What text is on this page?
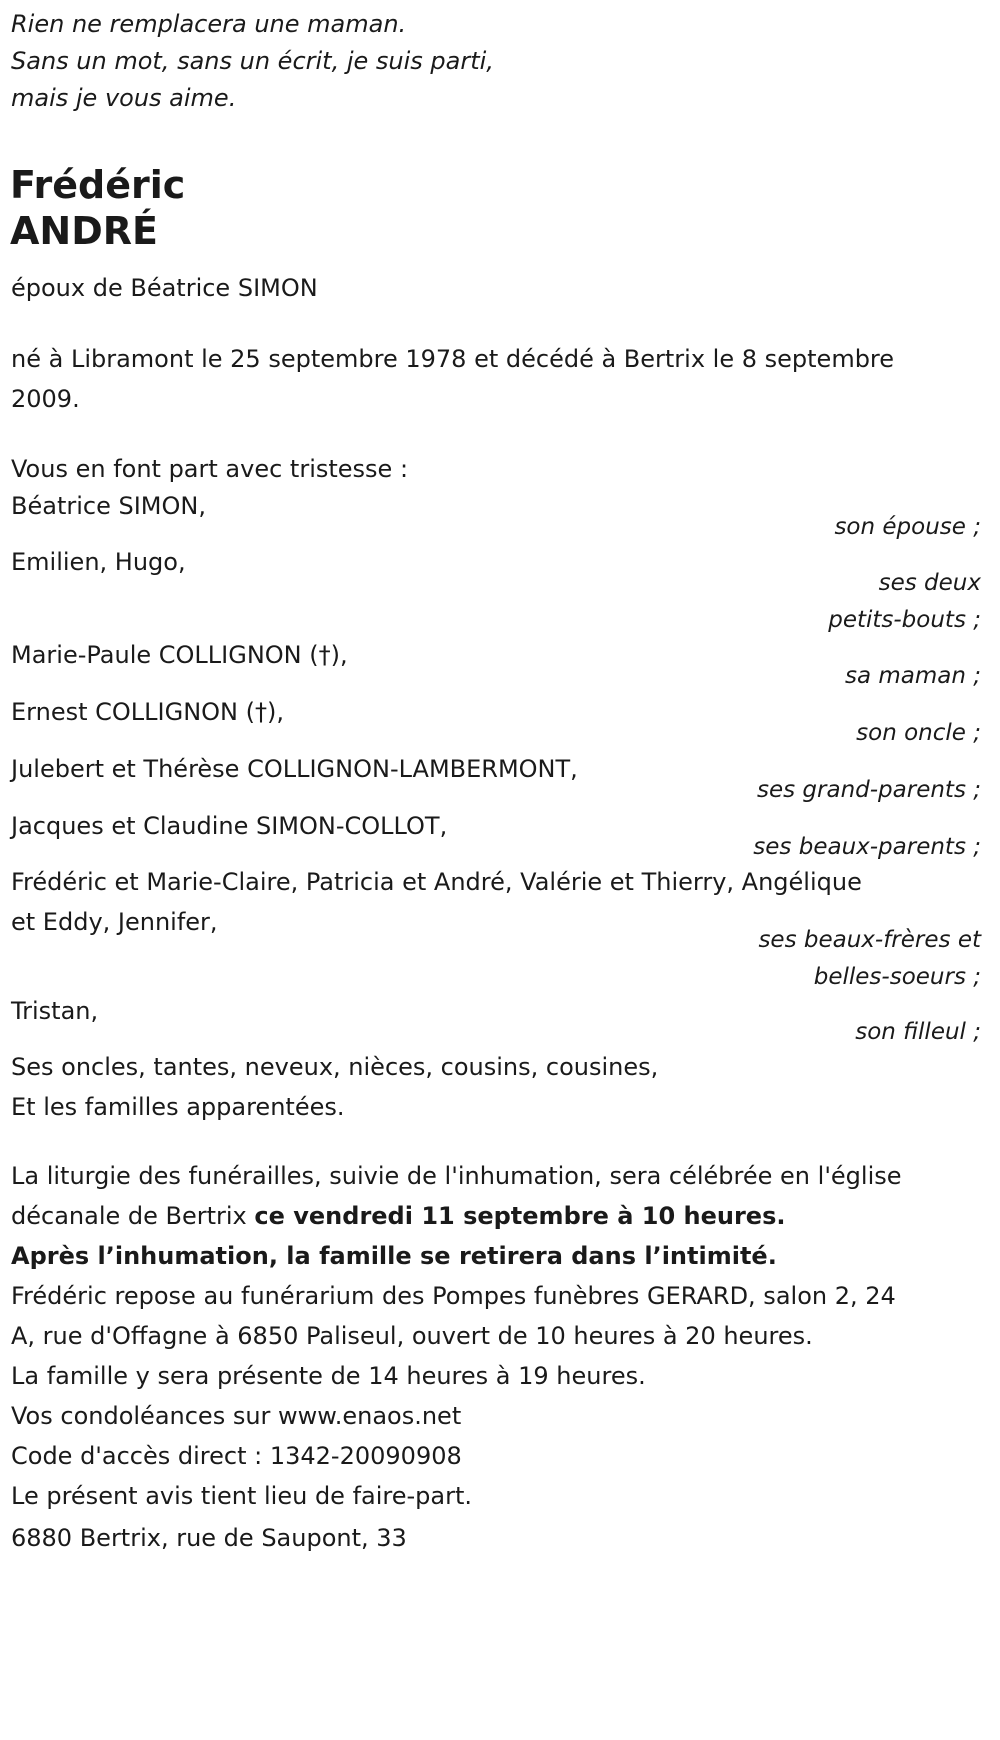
Rien ne remplacera une maman.
Sans un mot, sans un écrit, je suis parti,
mais je vous aime.
Frédéric
ANDRÉ
époux de Béatrice SIMON
né à Libramont le 25 septembre 1978 et décédé à Bertrix le 8 septembre
2009.
Vous en font part avec tristesse :
Béatrice SIMON,
son épouse ;
Emilien, Hugo,
ses deux
petits-bouts ;
Marie-Paule COLLIGNON (†),
sa maman ;
Ernest COLLIGNON (†),
son oncle ;
Julebert et Thérèse COLLIGNON-LAMBERMONT,
ses grand-parents ;
Jacques et Claudine SIMON-COLLOT,
ses beaux-parents ;
Frédéric et Marie-Claire, Patricia et André, Valérie et Thierry, Angélique
et Eddy, Jennifer,
ses beaux-frères et
belles-soeurs ;
Tristan,
son filleul ;
Ses oncles, tantes, neveux, nièces, cousins, cousines,
Et les familles apparentées.
La liturgie des funérailles, suivie de l'inhumation, sera célébrée en l'église
décanale de Bertrix ce vendredi 11 septembre à 10 heures.
Après l’inhumation, la famille se retirera dans l’intimité.
Frédéric repose au funérarium des Pompes funèbres GERARD, salon 2, 24
A, rue d'Offagne à 6850 Paliseul, ouvert de 10 heures à 20 heures.
La famille y sera présente de 14 heures à 19 heures.
Vos condoléances sur www.enaos.net
Code d'accès direct : 1342-20090908
Le présent avis tient lieu de faire-part.
6880 Bertrix, rue de Saupont, 33
